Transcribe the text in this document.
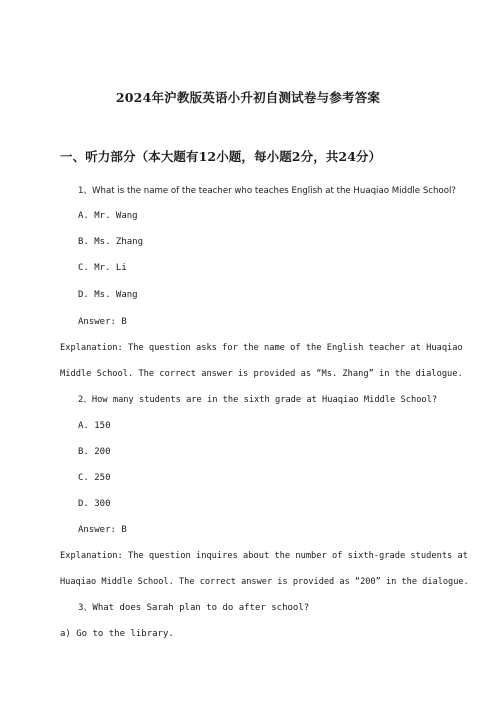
2024年沪教版英语小升初自测试卷与参考答案
一、听力部分（本大题有12小题，每小题2分，共24分）
1、What is the name of the teacher who teaches English at the Huaqiao Middle School?
A. Mr. Wang
B. Ms. Zhang
C. Mr. Li
D. Ms. Wang
Answer: B
Explanation: The question asks for the name of the English teacher at Huaqiao
Middle School. The correct answer is provided as “Ms. Zhang” in the dialogue.
2、How many students are in the sixth grade at Huaqiao Middle School?
A. 150
B. 200
C. 250
D. 300
Answer: B
Explanation: The question inquires about the number of sixth-grade students at
Huaqiao Middle School. The correct answer is provided as “200” in the dialogue.
3、What does Sarah plan to do after school?
a) Go to the library.
